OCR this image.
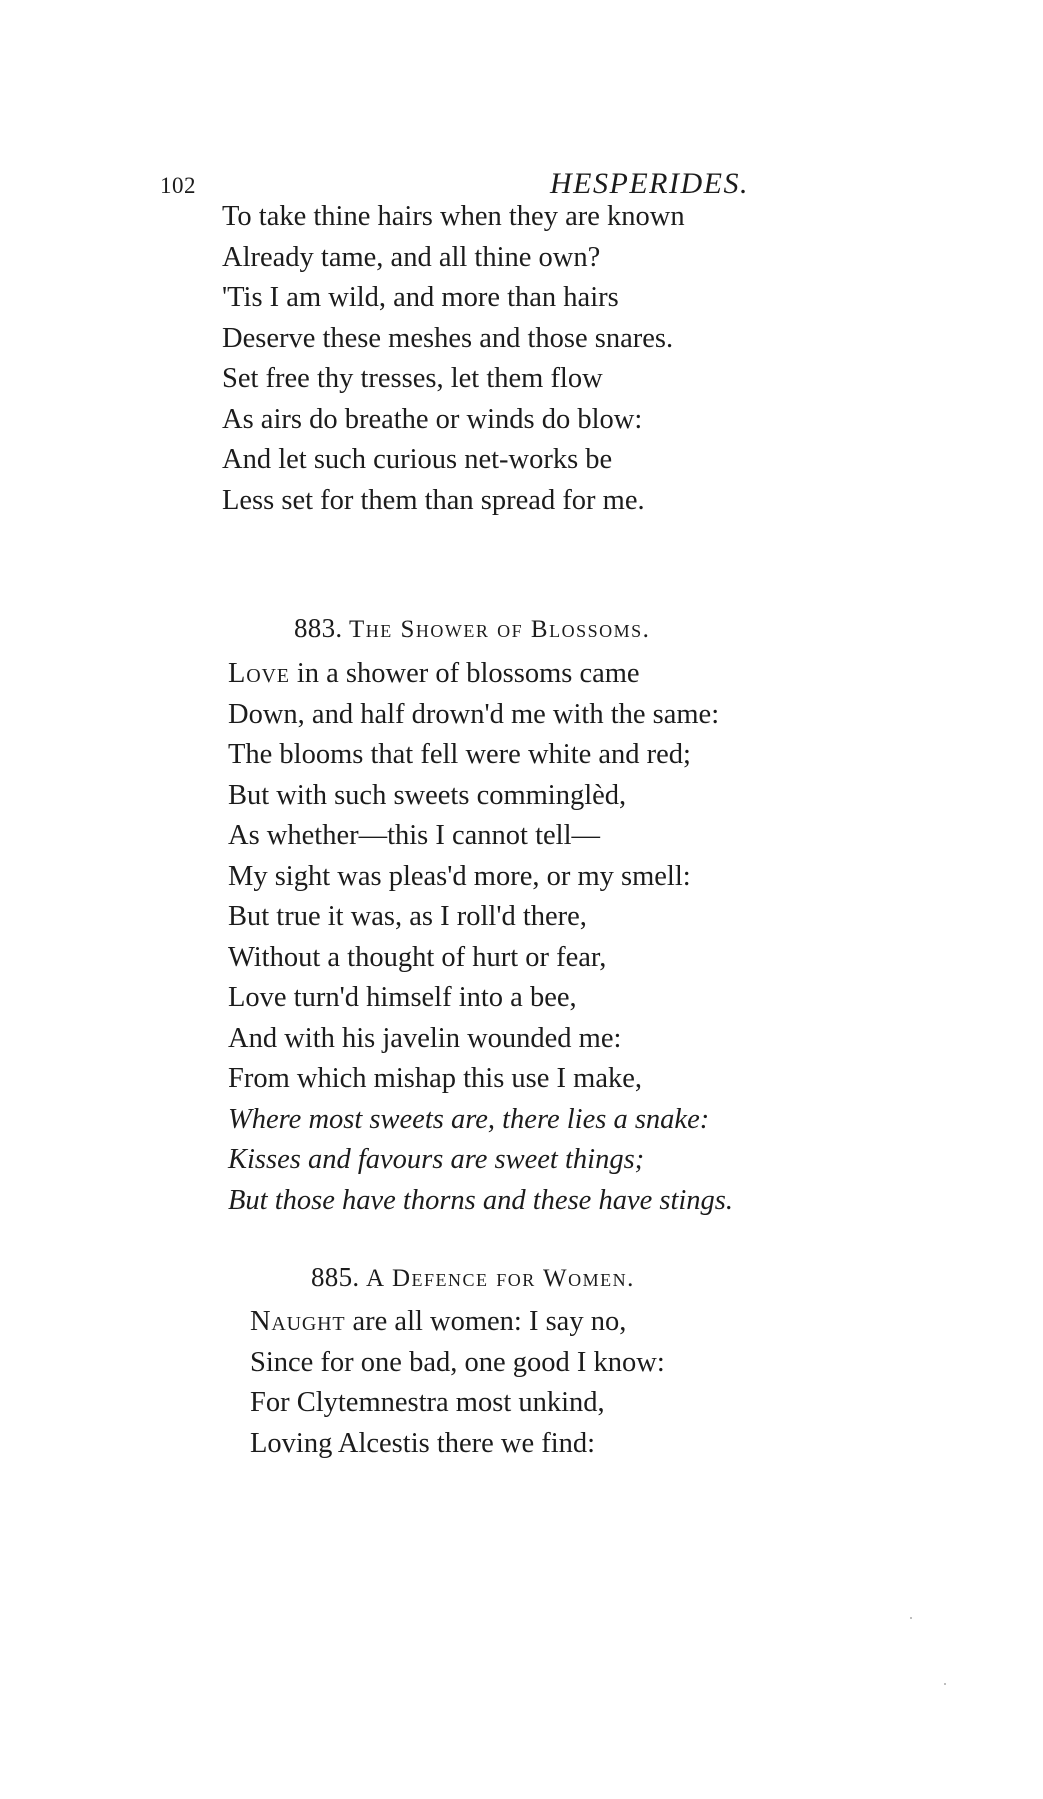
102	HESPERIDES.
To take thine hairs when they are known
Already tame, and all thine own?
'Tis I am wild, and more than hairs
Deserve these meshes and those snares.
Set free thy tresses, let them flow
As airs do breathe or winds do blow:
And let such curious net-works be
Less set for them than spread for me.
883. The Shower of Blossoms.
Love in a shower of blossoms came
Down, and half drown'd me with the same:
The blooms that fell were white and red;
But with such sweets comminglèd,
As whether—this I cannot tell—
My sight was pleas'd more, or my smell:
But true it was, as I roll'd there,
Without a thought of hurt or fear,
Love turn'd himself into a bee,
And with his javelin wounded me:
From which mishap this use I make,
Where most sweets are, there lies a snake:
Kisses and favours are sweet things;
But those have thorns and these have stings.
885. A Defence for Women.
Naught are all women: I say no,
Since for one bad, one good I know:
For Clytemnestra most unkind,
Loving Alcestis there we find:
